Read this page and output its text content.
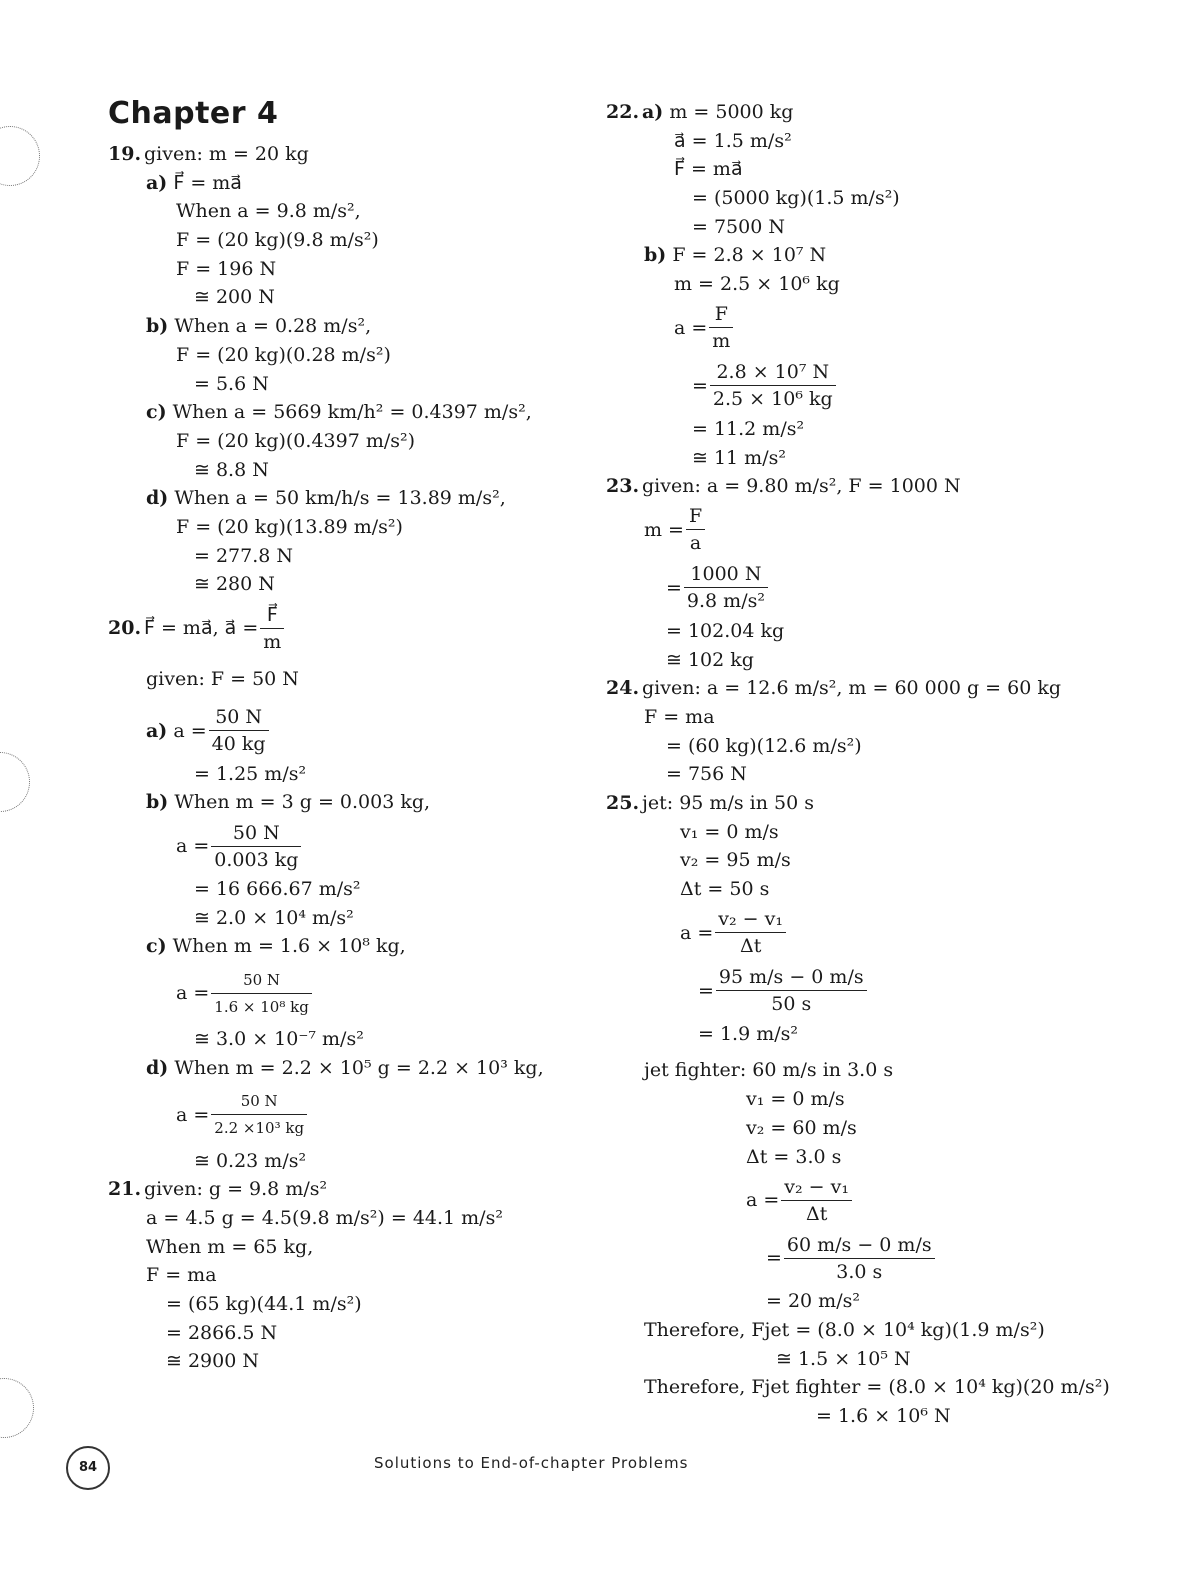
Chapter 4
19. given: m = 20 kg
a) F⃗ = ma⃗
When a = 9.8 m/s²,
F = (20 kg)(9.8 m/s²)
F = 196 N
≅ 200 N
b) When a = 0.28 m/s²,
F = (20 kg)(0.28 m/s²)
= 5.6 N
c) When a = 5669 km/h² = 0.4397 m/s²,
F = (20 kg)(0.4397 m/s²)
≅ 8.8 N
d) When a = 50 km/h/s = 13.89 m/s²,
F = (20 kg)(13.89 m/s²)
= 277.8 N
≅ 280 N
20. F⃗ = ma⃗, a⃗ = $\frac{F⃗}{m}$
given: F = 50 N
a)
$a = \frac{50 N}{40 kg}$
= 1.25 m/s²
b) When m = 3 g = 0.003 kg,
$a = \frac{50 N}{0.003 kg}$
= 16 666.67 m/s²
≅ 2.0 × 10⁴ m/s²
c) When m = 1.6 × 10⁸ kg,
$a = \frac{50 N}{\text{1.6 × 10⁸ kg}}$
≅ 3.0 × 10⁻⁷ m/s²
d) When m = 2.2 × 10⁵ g = 2.2 × 10³ kg,
$a = \frac{50 N}{\text{2.2 ×10³ kg}}$
≅ 0.23 m/s²
21. given: g = 9.8 m/s²
a = 4.5 g = 4.5(9.8 m/s²) = 44.1 m/s²
When m = 65 kg,
F = ma
= (65 kg)(44.1 m/s²)
= 2866.5 N
≅ 2900 N
22. a) m = 5000 kg
a⃗ = 1.5 m/s²
F⃗ = ma⃗
= (5000 kg)(1.5 m/s²)
= 7500 N
b) F = 2.8 × 10⁷ N
m = 2.5 × 10⁶ kg
$a = \frac{F}{m}$
= $\frac{\text{2.8 × 10⁷ N}}{\text{2.5 × 10⁶ kg}}$
= 11.2 m/s²
≅ 11 m/s²
23. given: a = 9.80 m/s², F = 1000 N
$m = \frac{F}{a}$
= $\frac{1000 N}{\text{9.8 m/s²}}$
= 102.04 kg
≅ 102 kg
24. given: a = 12.6 m/s², m = 60 000 g = 60 kg
F = ma
= (60 kg)(12.6 m/s²)
= 756 N
25. jet: 95 m/s in 50 s
v₁ = 0 m/s
v₂ = 95 m/s
Δt = 50 s
$a = \frac{\text{v₂ − v₁}}{\Delta t}$
= $\frac{95 m/s - 0 m/s}{50 s}$
= 1.9 m/s²
jet fighter: 60 m/s in 3.0 s
v₁ = 0 m/s
v₂ = 60 m/s
Δt = 3.0 s
$a = \frac{\text{v₂ − v₁}}{\Delta t}$
= $\frac{60 m/s - 0 m/s}{3.0 s}$
= 20 m/s²
Therefore, Fjet = (8.0 × 10⁴ kg)(1.9 m/s²)
≅ 1.5 × 10⁵ N
Therefore, Fjet fighter = (8.0 × 10⁴ kg)(20 m/s²)
= 1.6 × 10⁶ N
84	Solutions to End-of-chapter Problems
